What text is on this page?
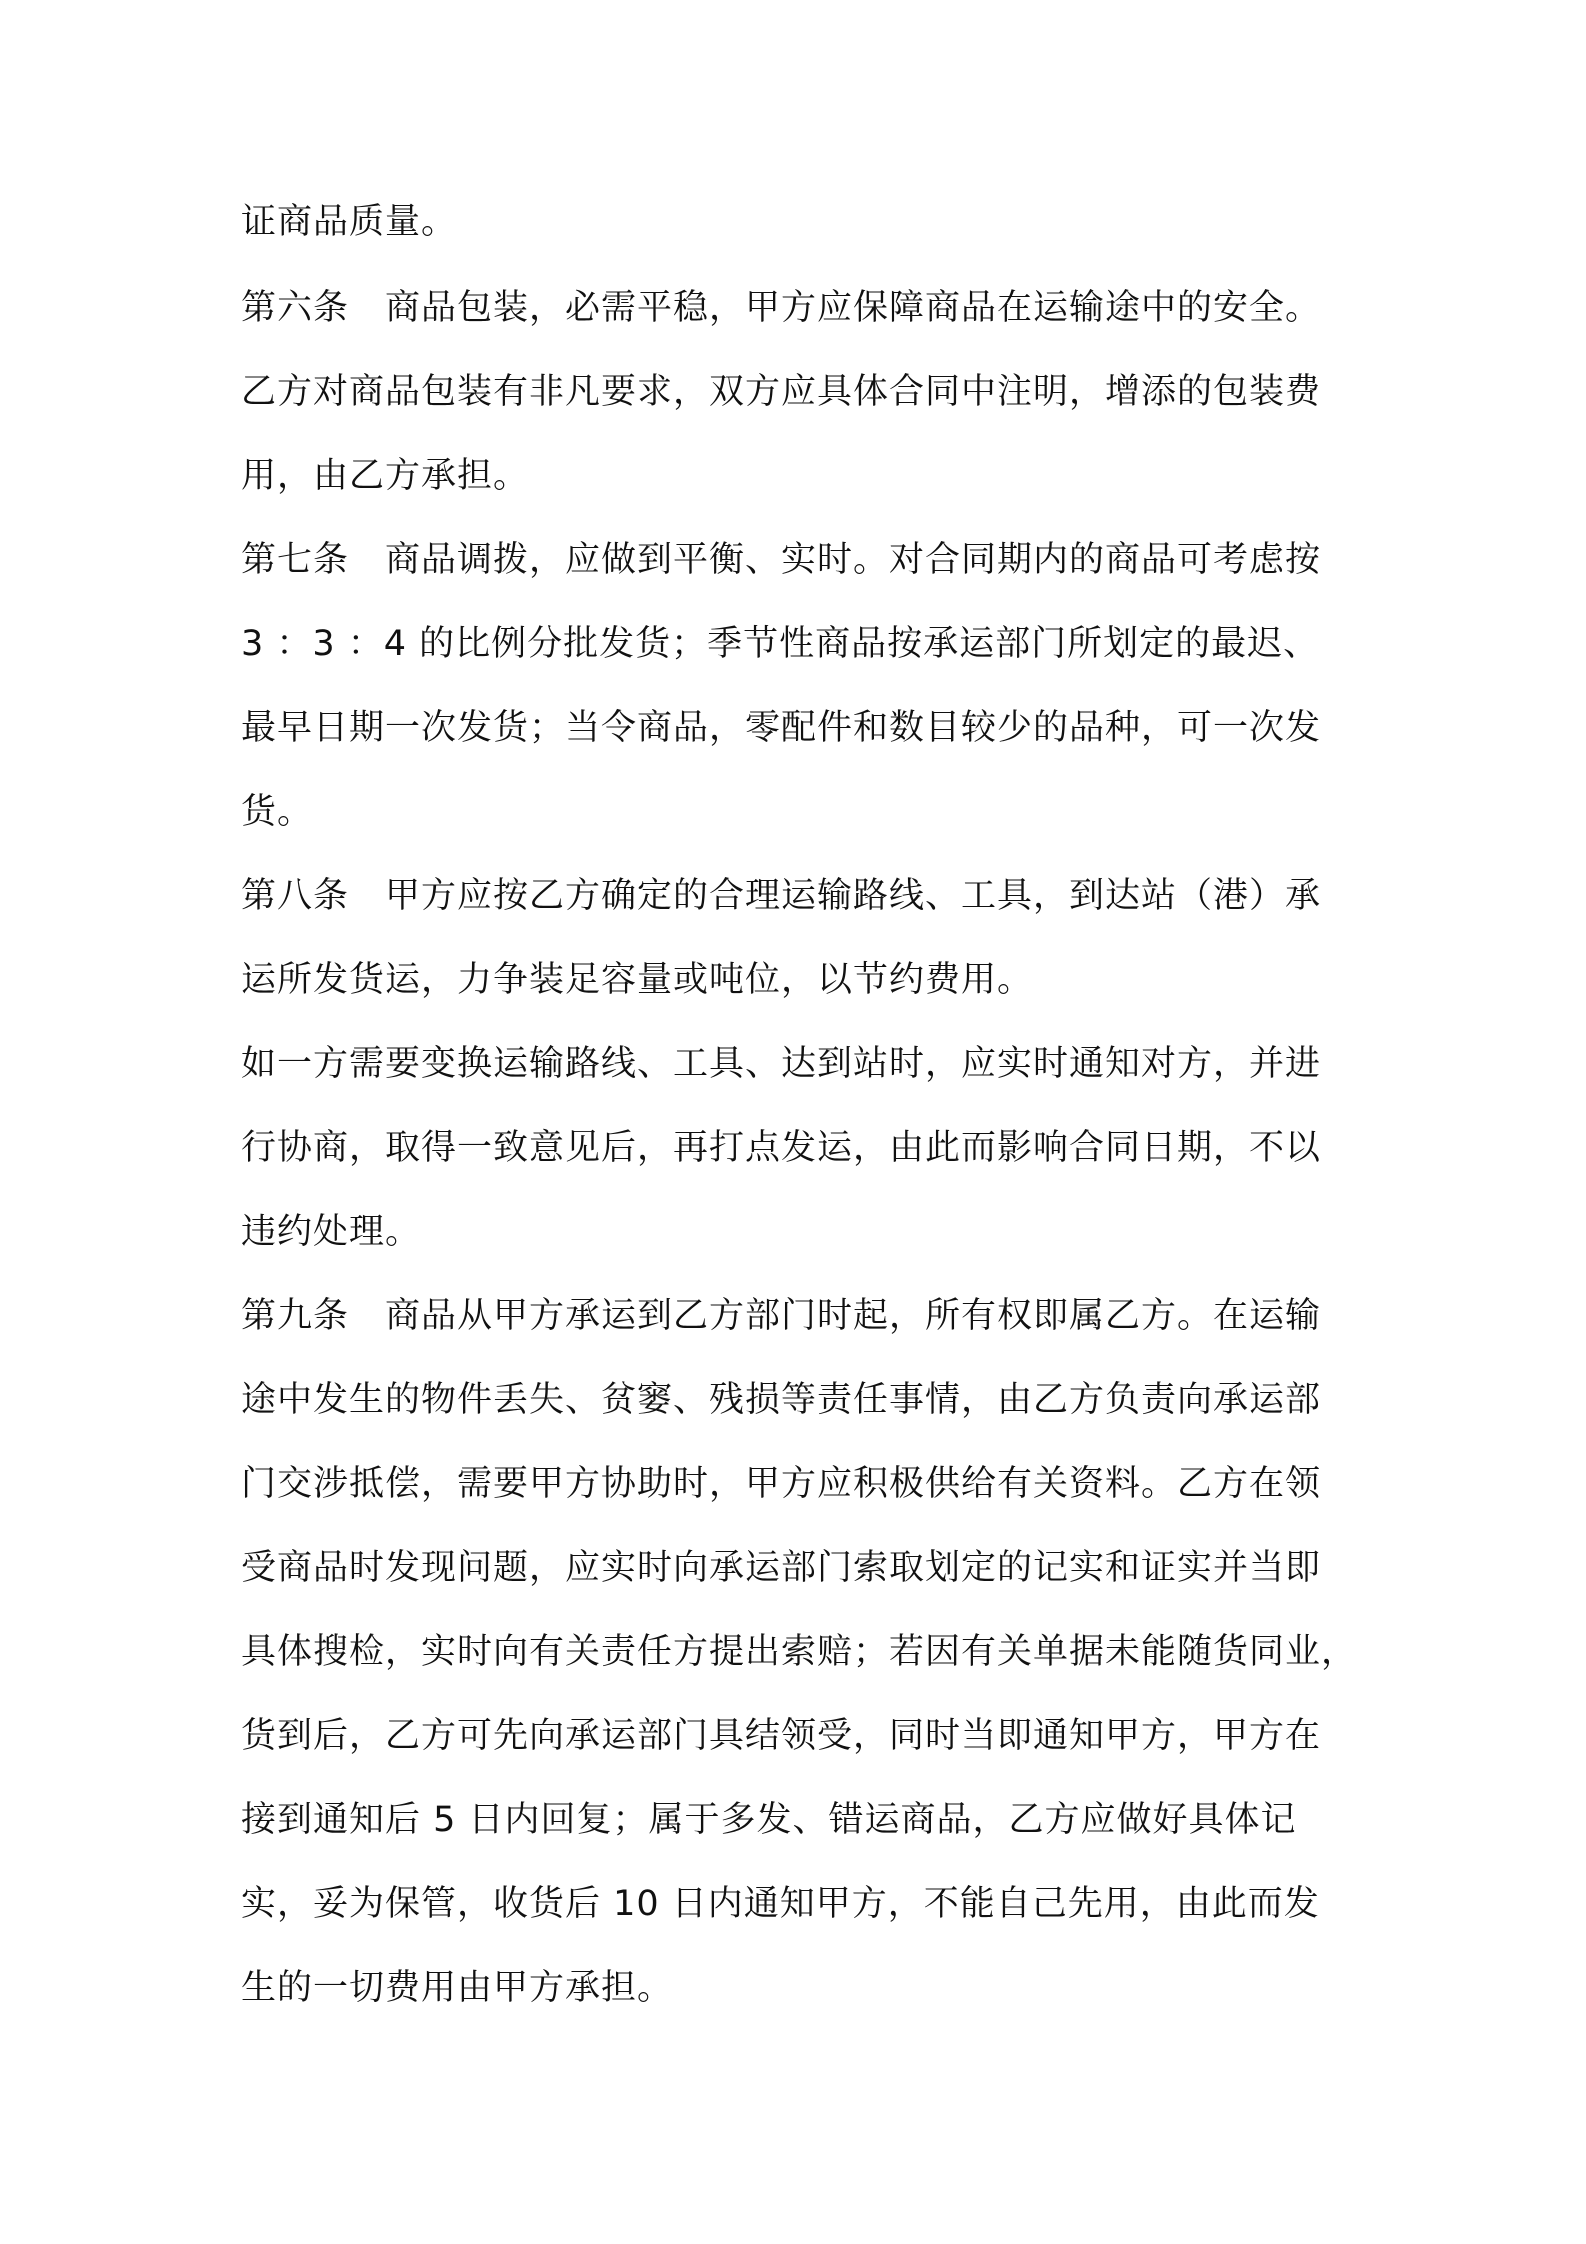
证商品质量。
第六条　商品包装，必需平稳，甲方应保障商品在运输途中的安全。
乙方对商品包装有非凡要求，双方应具体合同中注明，增添的包装费
用，由乙方承担。
第七条　商品调拨，应做到平衡、实时。对合同期内的商品可考虑按
3 ：3 ：4 的比例分批发货；季节性商品按承运部门所划定的最迟、
最早日期一次发货；当令商品，零配件和数目较少的品种，可一次发
货。
第八条　甲方应按乙方确定的合理运输路线、工具，到达站（港）承
运所发货运，力争装足容量或吨位，以节约费用。
如一方需要变换运输路线、工具、达到站时，应实时通知对方，并进
行协商，取得一致意见后，再打点发运，由此而影响合同日期，不以
违约处理。
第九条　商品从甲方承运到乙方部门时起，所有权即属乙方。在运输
途中发生的物件丢失、贫窭、残损等责任事情，由乙方负责向承运部
门交涉抵偿，需要甲方协助时，甲方应积极供给有关资料。乙方在领
受商品时发现问题，应实时向承运部门索取划定的记实和证实并当即
具体搜检，实时向有关责任方提出索赔；若因有关单据未能随货同业，
货到后，乙方可先向承运部门具结领受，同时当即通知甲方，甲方在
接到通知后 5 日内回复；属于多发、错运商品，乙方应做好具体记
实，妥为保管，收货后 10 日内通知甲方，不能自己先用，由此而发
生的一切费用由甲方承担。
